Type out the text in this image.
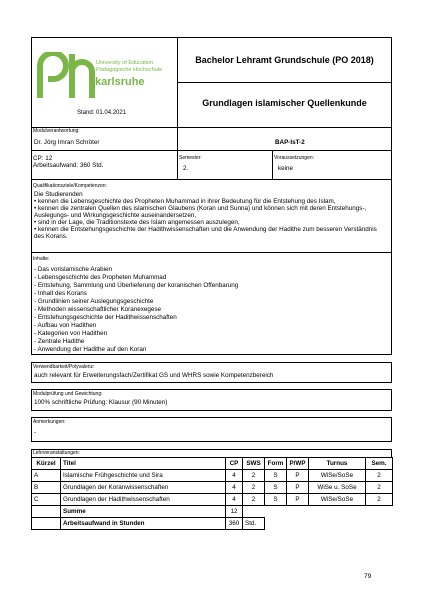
Bachelor Lehramt Grundschule (PO 2018)
Grundlagen islamischer Quellenkunde
University of Education
Pädagogische Hochschule
karlsruhe
Stand: 01.04.2021
Modulverantwortung:
Dr. Jörg Imran Schröter	BAP-IsT-2
CP: 12
Arbeitsaufwand: 360 Std.
Semester:
2.
Voraussetzungen:
keine
Qualifikationsziele/Kompetenzen:
Die Studierenden
• kennen die Lebensgeschichte des Propheten Muhammad in ihrer Bedeutung für die Entstehung des Islam,
• kennen die zentralen Quellen des islamischen Glaubens (Koran und Sunna) und können sich mit deren Entstehungs-,
Auslegungs- und Wirkungsgeschichte auseinandersetzen,
• sind in der Lage, die Traditionstexte des Islam angemessen auszulegen,
• kennen die Entstehungsgeschichte der Hadithwissenschaften und die Anwendung der Hadithe zum besseren Verständnis
des Korans.
Inhalte:
- Das vorislamische Arabien
- Lebensgeschichte des Propheten Muhammad
- Entstehung, Sammlung und Überlieferung der koranischen Offenbarung
- Inhalt des Korans
- Grundlinien seiner Auslegungsgeschichte
- Methoden wissenschaftlicher Koranexegese
- Entstehungsgeschichte der Hadithwissenschaften
- Aufbau von Hadithen
- Kategorien von Hadithen
- Zentrale Hadithe
- Anwendung der Hadithe auf den Koran
Verwendbarkeit/Polyvalenz:
auch relevant für Erweiterungsfach/Zertifikat GS und WHRS sowie Kompetenzbereich
Modulprüfung und Gewichtung:
100% schriftliche Prüfung: Klausur (90 Minuten)
Anmerkungen:
-
Lehrveranstaltungen:
Kürzel	Titel	CP	SWS	Form	P/WP	Turnus	Sem.
A	Islamische Frühgeschichte und Sira	4	2	S	P	WiSe/SoSe	2
B	Grundlagen der Koranwissenschaften	4	2	S	P	WiSe u. SoSe	2
C	Grundlagen der Hadithwissenschaften	4	2	S	P	WiSe/SoSe	2
	Summe	12					
	Arbeitsaufwand in Stunden	360	Std.				
79
